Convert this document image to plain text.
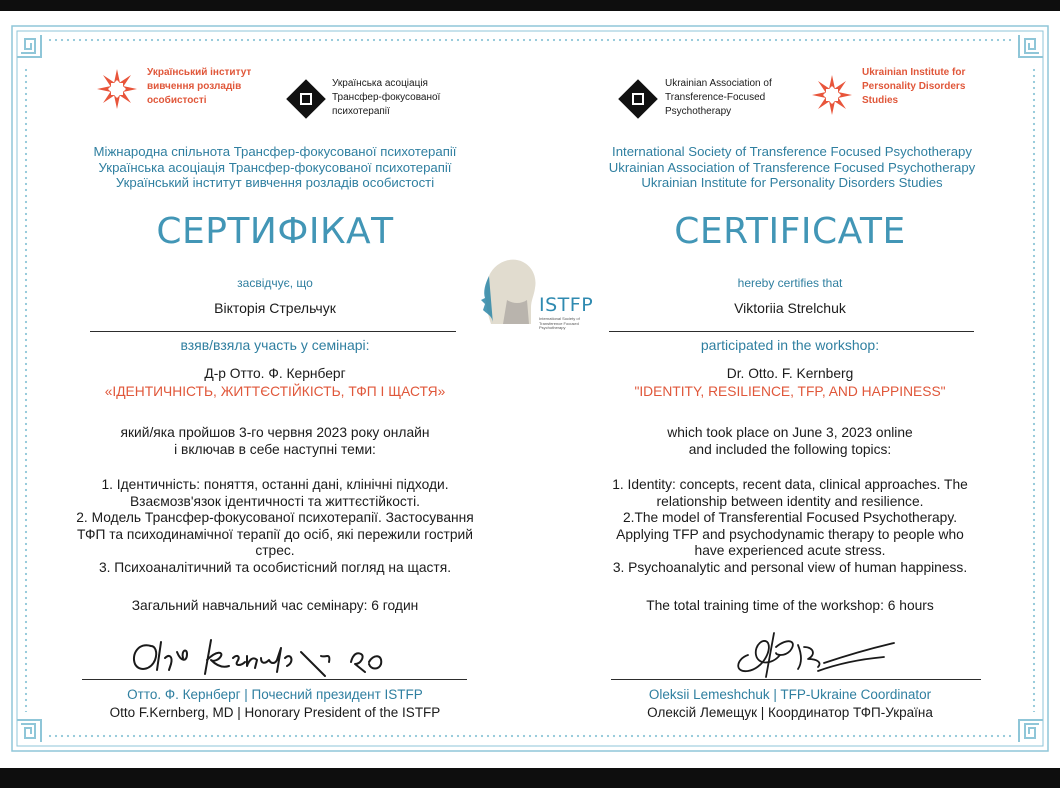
Український інститут вивчення розладів особистості
Українська асоціація Трансфер-фокусованої психотерапії
Ukrainian Association of Transference-Focused Psychotherapy
Ukrainian Institute for Personality Disorders Studies
Міжнародна спільнота Трансфер-фокусованої психотерапії
Українська асоціація Трансфер-фокусованої психотерапії
Український інститут вивчення розладів особистості
International Society of Transference Focused Psychotherapy
Ukrainian Association of Transference Focused Psychotherapy
Ukrainian Institute for Personality Disorders Studies
СЕРТИФІКАТ	CERTIFICATE
ISTFP
International Society of Transference Focused Psychotherapy
засвідчує, що	hereby certifies that
Вікторія Стрельчук	Viktoriia Strelchuk
взяв/взяла участь у семінарі:	participated in the workshop:
Д-р Отто. Ф. Кернберг	Dr. Otto. F. Kernberg
«ІДЕНТИЧНІСТЬ, ЖИТТЄСТІЙКІСТЬ, ТФП І ЩАСТЯ»	"IDENTITY, RESILIENCE, TFP, AND HAPPINESS"
який/яка пройшов 3-го червня 2023 року онлайн
і включав в себе наступні теми:
which took place on June 3, 2023 online
and included the following topics:
1. Ідентичність: поняття, останні дані, клінічні підходи.
Взаємозв'язок ідентичності та життєстійкості.
2. Модель Трансфер-фокусованої психотерапії. Застосування
ТФП та психодинамічної терапії до осіб, які пережили гострий
стрес.
3. Психоаналітичний та особистісний погляд на щастя.
1. Identity: concepts, recent data, clinical approaches. The
relationship between identity and resilience.
2.The model of Transferential Focused Psychotherapy.
Applying TFP and psychodynamic therapy to people who
have experienced acute stress.
3. Psychoanalytic and personal view of human happiness.
Загальний навчальний час семінару: 6 годин	The total training time of the workshop: 6 hours
Отто. Ф. Кернберг | Почесний президент ISTFP
Otto F.Kernberg, MD | Honorary President of the ISTFP
Oleksii Lemeshchuk | TFP-Ukraine Coordinator
Олексій Лемещук | Координатор ТФП-Україна
